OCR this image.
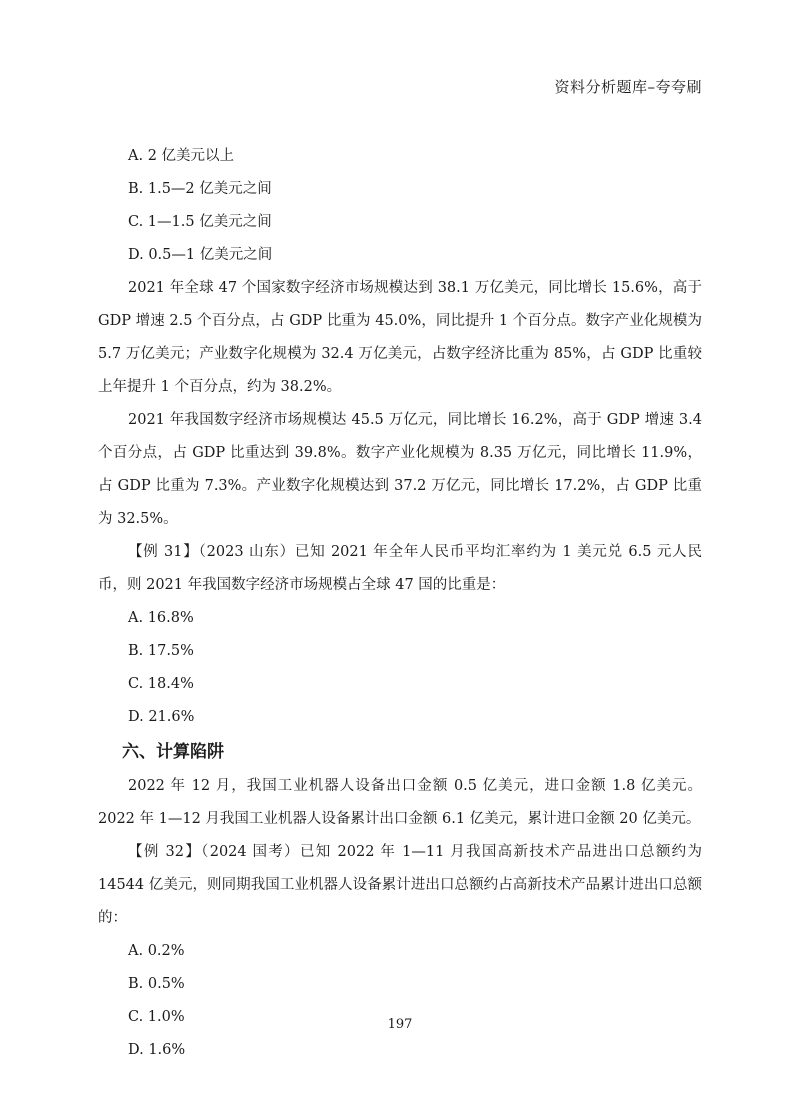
资料分析题库–夸夸刷
A. 2 亿美元以上
B. 1.5—2 亿美元之间
C. 1—1.5 亿美元之间
D. 0.5—1 亿美元之间

2021 年全球 47 个国家数字经济市场规模达到 38.1 万亿美元，同比增长 15.6%，高于 GDP 增速 2.5 个百分点，占 GDP 比重为 45.0%，同比提升 1 个百分点。数字产业化规模为 5.7 万亿美元；产业数字化规模为 32.4 万亿美元，占数字经济比重为 85%，占 GDP 比重较上年提升 1 个百分点，约为 38.2%。

2021 年我国数字经济市场规模达 45.5 万亿元，同比增长 16.2%，高于 GDP 增速 3.4 个百分点，占 GDP 比重达到 39.8%。数字产业化规模为 8.35 万亿元，同比增长 11.9%，占 GDP 比重为 7.3%。产业数字化规模达到 37.2 万亿元，同比增长 17.2%，占 GDP 比重为 32.5%。

【例 31】（2023 山东）已知 2021 年全年人民币平均汇率约为 1 美元兑 6.5 元人民币，则 2021 年我国数字经济市场规模占全球 47 国的比重是：

A. 16.8%
B. 17.5%
C. 18.4%
D. 21.6%
六、计算陷阱

2022 年 12 月，我国工业机器人设备出口金额 0.5 亿美元，进口金额 1.8 亿美元。2022 年 1—12 月我国工业机器人设备累计出口金额 6.1 亿美元，累计进口金额 20 亿美元。

【例 32】（2024 国考）已知 2022 年 1—11 月我国高新技术产品进出口总额约为 14544 亿美元，则同期我国工业机器人设备累计进出口总额约占高新技术产品累计进出口总额的：

A. 0.2%
B. 0.5%
C. 1.0%
D. 1.6%
197
